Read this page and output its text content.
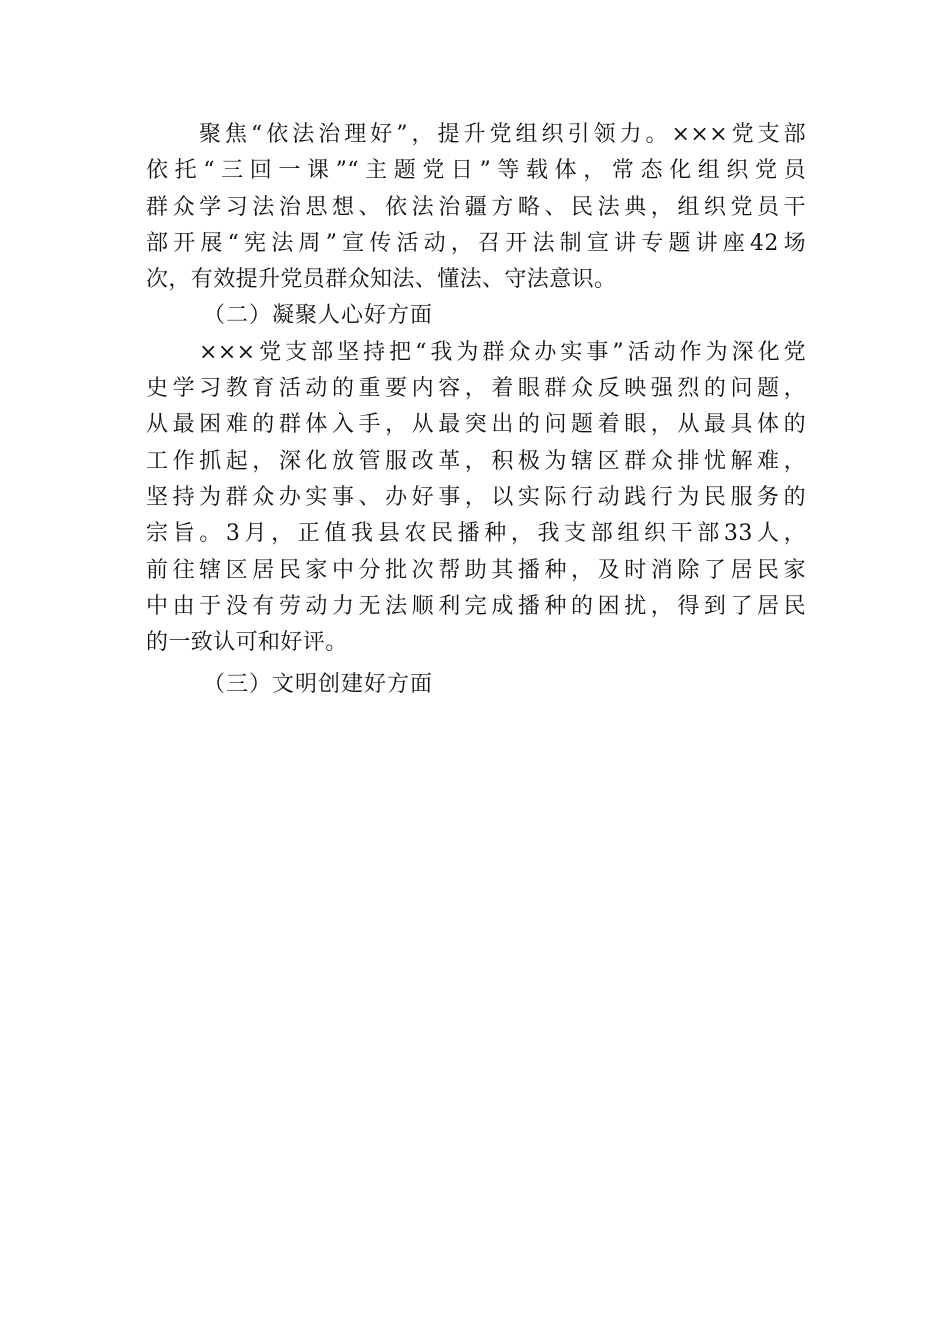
聚焦“依法治理好”，提升党组织引领力。×××党支部
依托“三回一课”“主题党日”等载体，常态化组织党员
群众学习法治思想、依法治疆方略、民法典，组织党员干
部开展“宪法周”宣传活动，召开法制宣讲专题讲座42场
次，有效提升党员群众知法、懂法、守法意识。
（二）凝聚人心好方面
×××党支部坚持把“我为群众办实事”活动作为深化党
史学习教育活动的重要内容，着眼群众反映强烈的问题，
从最困难的群体入手，从最突出的问题着眼，从最具体的
工作抓起，深化放管服改革，积极为辖区群众排忧解难，
坚持为群众办实事、办好事，以实际行动践行为民服务的
宗旨。3月，正值我县农民播种，我支部组织干部33人，
前往辖区居民家中分批次帮助其播种，及时消除了居民家
中由于没有劳动力无法顺利完成播种的困扰，得到了居民
的一致认可和好评。
（三）文明创建好方面
